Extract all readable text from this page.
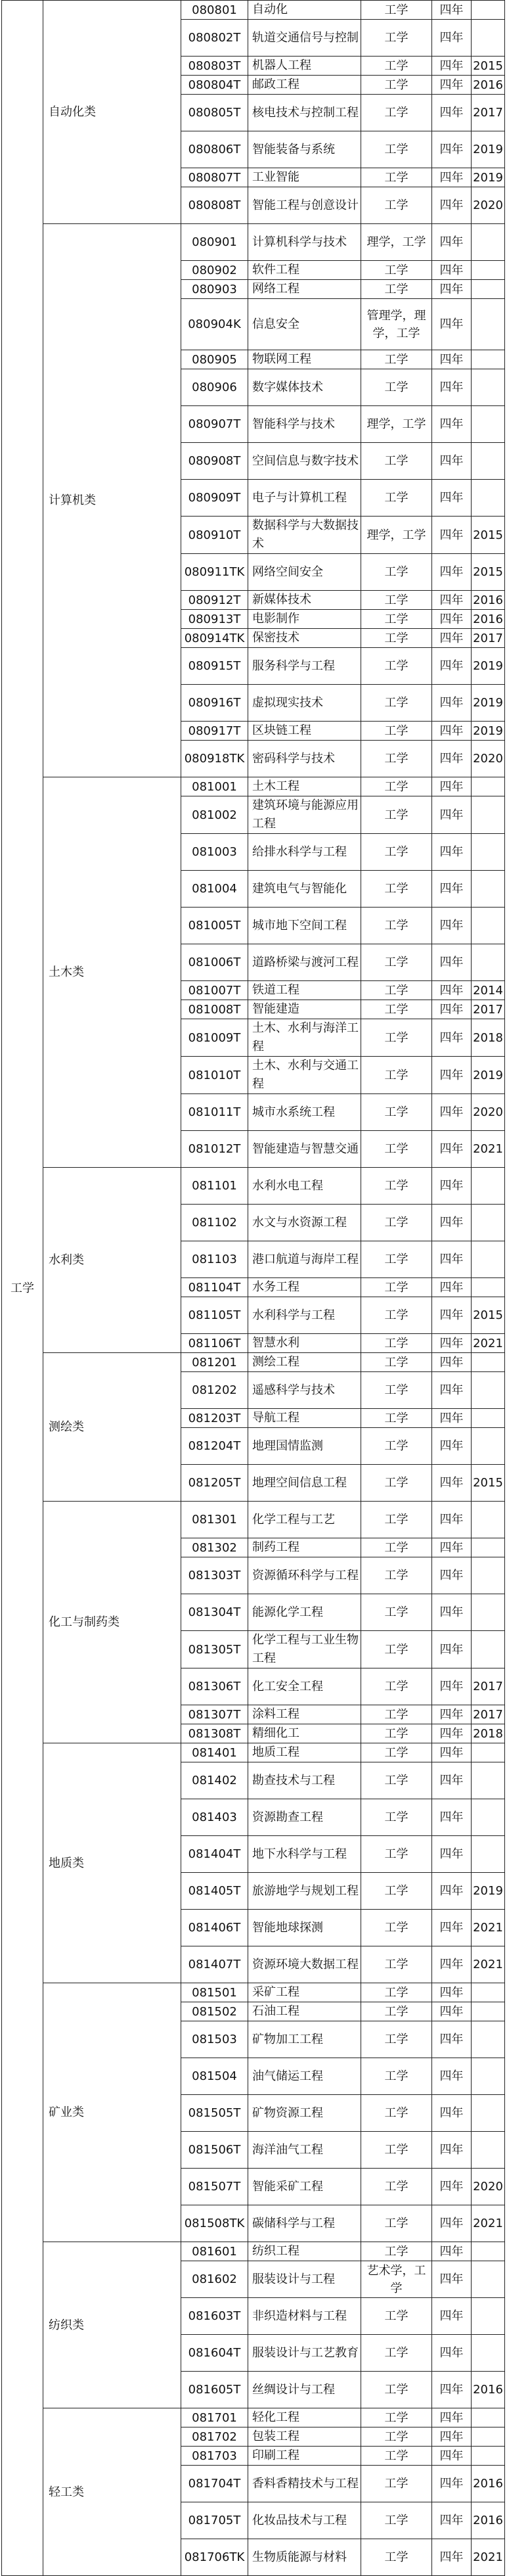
工学	自动化类	080801	自动化	工学	四年	
		080802T	轨道交通信号与控制	工学	四年	
		080803T	机器人工程	工学	四年	2015
		080804T	邮政工程	工学	四年	2016
		080805T	核电技术与控制工程	工学	四年	2017
		080806T	智能装备与系统	工学	四年	2019
		080807T	工业智能	工学	四年	2019
		080808T	智能工程与创意设计	工学	四年	2020
	计算机类	080901	计算机科学与技术	理学，工学	四年	
		080902	软件工程	工学	四年	
		080903	网络工程	工学	四年	
		080904K	信息安全	管理学，理学，工学	四年	
		080905	物联网工程	工学	四年	
		080906	数字媒体技术	工学	四年	
		080907T	智能科学与技术	理学，工学	四年	
		080908T	空间信息与数字技术	工学	四年	
		080909T	电子与计算机工程	工学	四年	
		080910T	数据科学与大数据技术	理学，工学	四年	2015
		080911TK	网络空间安全	工学	四年	2015
		080912T	新媒体技术	工学	四年	2016
		080913T	电影制作	工学	四年	2016
		080914TK	保密技术	工学	四年	2017
		080915T	服务科学与工程	工学	四年	2019
		080916T	虚拟现实技术	工学	四年	2019
		080917T	区块链工程	工学	四年	2019
		080918TK	密码科学与技术	工学	四年	2020
	土木类	081001	土木工程	工学	四年	
		081002	建筑环境与能源应用工程	工学	四年	
		081003	给排水科学与工程	工学	四年	
		081004	建筑电气与智能化	工学	四年	
		081005T	城市地下空间工程	工学	四年	
		081006T	道路桥梁与渡河工程	工学	四年	
		081007T	铁道工程	工学	四年	2014
		081008T	智能建造	工学	四年	2017
		081009T	土木、水利与海洋工程	工学	四年	2018
		081010T	土木、水利与交通工程	工学	四年	2019
		081011T	城市水系统工程	工学	四年	2020
		081012T	智能建造与智慧交通	工学	四年	2021
	水利类	081101	水利水电工程	工学	四年	
		081102	水文与水资源工程	工学	四年	
		081103	港口航道与海岸工程	工学	四年	
		081104T	水务工程	工学	四年	
		081105T	水利科学与工程	工学	四年	2015
		081106T	智慧水利	工学	四年	2021
	测绘类	081201	测绘工程	工学	四年	
		081202	遥感科学与技术	工学	四年	
		081203T	导航工程	工学	四年	
		081204T	地理国情监测	工学	四年	
		081205T	地理空间信息工程	工学	四年	2015
	化工与制药类	081301	化学工程与工艺	工学	四年	
		081302	制药工程	工学	四年	
		081303T	资源循环科学与工程	工学	四年	
		081304T	能源化学工程	工学	四年	
		081305T	化学工程与工业生物工程	工学	四年	
		081306T	化工安全工程	工学	四年	2017
		081307T	涂料工程	工学	四年	2017
		081308T	精细化工	工学	四年	2018
	地质类	081401	地质工程	工学	四年	
		081402	勘查技术与工程	工学	四年	
		081403	资源勘查工程	工学	四年	
		081404T	地下水科学与工程	工学	四年	
		081405T	旅游地学与规划工程	工学	四年	2019
		081406T	智能地球探测	工学	四年	2021
		081407T	资源环境大数据工程	工学	四年	2021
	矿业类	081501	采矿工程	工学	四年	
		081502	石油工程	工学	四年	
		081503	矿物加工工程	工学	四年	
		081504	油气储运工程	工学	四年	
		081505T	矿物资源工程	工学	四年	
		081506T	海洋油气工程	工学	四年	
		081507T	智能采矿工程	工学	四年	2020
		081508TK	碳储科学与工程	工学	四年	2021
	纺织类	081601	纺织工程	工学	四年	
		081602	服装设计与工程	艺术学，工学	四年	
		081603T	非织造材料与工程	工学	四年	
		081604T	服装设计与工艺教育	工学	四年	
		081605T	丝绸设计与工程	工学	四年	2016
	轻工类	081701	轻化工程	工学	四年	
		081702	包装工程	工学	四年	
		081703	印刷工程	工学	四年	
		081704T	香料香精技术与工程	工学	四年	2016
		081705T	化妆品技术与工程	工学	四年	2016
		081706TK	生物质能源与材料	工学	四年	2021
